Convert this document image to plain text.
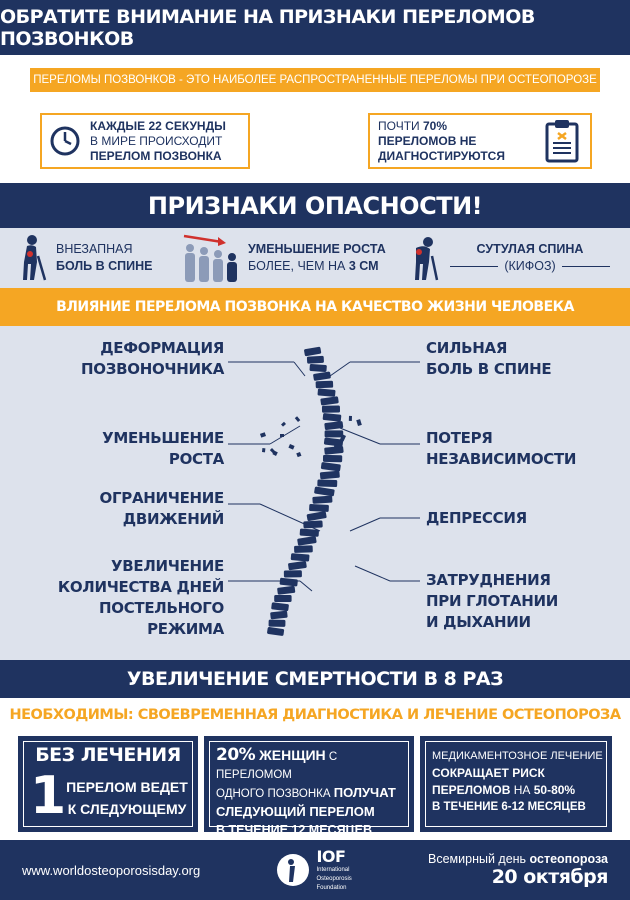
ОБРАТИТЕ ВНИМАНИЕ НА ПРИЗНАКИ ПЕРЕЛОМОВ ПОЗВОНКОВ
ПЕРЕЛОМЫ ПОЗВОНКОВ - ЭТО НАИБОЛЕЕ РАСПРОСТРАНЕННЫЕ ПЕРЕЛОМЫ ПРИ ОСТЕОПОРОЗЕ
КАЖДЫЕ 22 СЕКУНДЫ
В МИРЕ ПРОИСХОДИТ
ПЕРЕЛОМ ПОЗВОНКА
ПОЧТИ 70%
ПЕРЕЛОМОВ НЕ
ДИАГНОСТИРУЮТСЯ
ПРИЗНАКИ ОПАСНОСТИ!
ВНЕЗАПНАЯ
БОЛЬ В СПИНЕ
УМЕНЬШЕНИЕ РОСТА
БОЛЕЕ, ЧЕМ НА 3 СМ
СУТУЛАЯ СПИНА
(КИФОЗ)
ВЛИЯНИЕ ПЕРЕЛОМА ПОЗВОНКА НА КАЧЕСТВО ЖИЗНИ ЧЕЛОВЕКА
ДЕФОРМАЦИЯ
ПОЗВОНОЧНИКА
УМЕНЬШЕНИЕ
РОСТА
ОГРАНИЧЕНИЕ
ДВИЖЕНИЙ
УВЕЛИЧЕНИЕ
КОЛИЧЕСТВА ДНЕЙ
ПОСТЕЛЬНОГО
РЕЖИМА
СИЛЬНАЯ
БОЛЬ В СПИНЕ
ПОТЕРЯ
НЕЗАВИСИМОСТИ
ДЕПРЕССИЯ
ЗАТРУДНЕНИЯ
ПРИ ГЛОТАНИИ
И ДЫХАНИИ
УВЕЛИЧЕНИЕ СМЕРТНОСТИ В 8 РАЗ
НЕОБХОДИМЫ: СВОЕВРЕМЕННАЯ ДИАГНОСТИКА И ЛЕЧЕНИЕ ОСТЕОПОРОЗА
БЕЗ ЛЕЧЕНИЯ
1 ПЕРЕЛОМ ВЕДЕТ
К СЛЕДУЮЩЕМУ
20% ЖЕНЩИН С ПЕРЕЛОМОМ
ОДНОГО ПОЗВОНКА ПОЛУЧАТ
СЛЕДУЮЩИЙ ПЕРЕЛОМ
В ТЕЧЕНИЕ 12 МЕСЯЦЕВ
МЕДИКАМЕНТОЗНОЕ ЛЕЧЕНИЕ
СОКРАЩАЕТ РИСК
ПЕРЕЛОМОВ НА 50-80%
В ТЕЧЕНИЕ 6-12 МЕСЯЦЕВ
www.worldosteoporosisday.org
IOF
International
Osteoporosis
Foundation
Всемирный день остеопороза
20 октября
